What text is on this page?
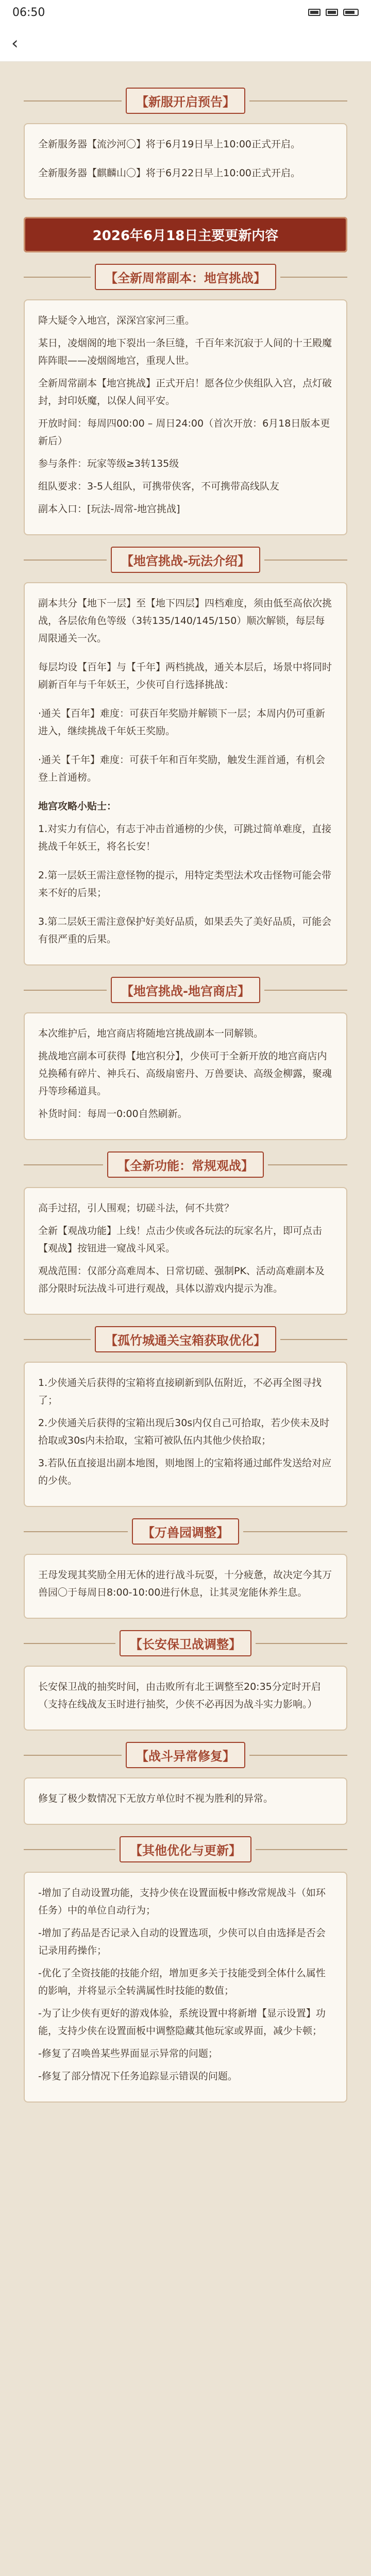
06:50
‹
【新服开启预告】

全新服务器【流沙河〇】将于6月19日早上10:00正式开启。

全新服务器【麒麟山〇】将于6月22日早上10:00正式开启。

2026年6月18日主要更新内容
【全新周常副本：地宫挑战】

降大疑令入地宫，深深宫家河三重。

某日，凌烟阁的地下裂出一条巨缝，千百年来沉寂于人间的十王殿魔阵阵眼——凌烟阁地宫，重现人世。

全新周常副本【地宫挑战】正式开启！愿各位少侠组队入宫，点灯破封，封印妖魔，以保人间平安。

开放时间：每周四00:00 – 周日24:00（首次开放：6月18日版本更新后）

参与条件：玩家等级≥3转135级

组队要求：3-5人组队，可携带侠客，不可携带高线队友

副本入口：[玩法-周常-地宫挑战]

【地宫挑战-玩法介绍】

副本共分【地下一层】至【地下四层】四档难度，须由低至高依次挑战，各层依角色等级（3转135/140/145/150）顺次解锁，每层每周限通关一次。

每层均设【百年】与【千年】两档挑战，通关本层后，场景中将同时刷新百年与千年妖王，少侠可自行选择挑战：

·通关【百年】难度：可获百年奖励并解锁下一层；本周内仍可重新进入，继续挑战千年妖王奖励。

·通关【千年】难度：可获千年和百年奖励，触发生涯首通，有机会登上首通榜。

地宫攻略小贴士：

1.对实力有信心，有志于冲击首通榜的少侠，可跳过简单难度，直接挑战千年妖王，将名长安！

2.第一层妖王需注意怪物的提示，用特定类型法术攻击怪物可能会带来不好的后果；

3.第二层妖王需注意保护好美好品质，如果丢失了美好品质，可能会有很严重的后果。

【地宫挑战-地宫商店】

本次维护后，地宫商店将随地宫挑战副本一同解锁。

挑战地宫副本可获得【地宫积分】，少侠可于全新开放的地宫商店内兑换稀有碎片、神兵石、高级扇密丹、万兽要诀、高级金柳露，聚魂丹等珍稀道具。

补货时间：每周一0:00自然刷新。

【全新功能：常规观战】

高手过招，引人围观；切磋斗法，何不共赏？

全新【观战功能】上线！点击少侠或各玩法的玩家名片，即可点击【观战】按钮进一窥战斗风采。

观战范围：仅部分高难周本、日常切磋、强制PK、活动高难副本及部分限时玩法战斗可进行观战，具体以游戏内提示为准。

【孤竹城通关宝箱获取优化】

1.少侠通关后获得的宝箱将直接刷新到队伍附近，不必再全图寻找了；

2.少侠通关后获得的宝箱出现后30s内仅自己可拾取，若少侠未及时拾取或30s内未拾取，宝箱可被队伍内其他少侠拾取；

3.若队伍直接退出副本地图，则地图上的宝箱将通过邮件发送给对应的少侠。

【万兽园调整】

王母发现其奖励全用无休的进行战斗玩耍，十分疲惫，故决定今其万兽园〇于每周日8:00-10:00进行休息，让其灵宠能休养生息。

【长安保卫战调整】

长安保卫战的抽奖时间，由击败所有北王调整至20:35分定时开启（支持在线战友玉时进行抽奖，少侠不必再因为战斗实力影响。）

【战斗异常修复】

修复了极少数情况下无放方单位时不视为胜利的异常。

【其他优化与更新】

-增加了自动设置功能，支持少侠在设置面板中修改常规战斗（如环任务）中的单位自动行为；

-增加了药品是否记录入自动的设置选项，少侠可以自由选择是否会记录用药操作；

-优化了全资技能的技能介绍，增加更多关于技能受到全体什么属性的影响，并将显示全转满属性时技能的数值；

-为了让少侠有更好的游戏体验，系统设置中将新增【显示设置】功能，支持少侠在设置面板中调整隐藏其他玩家或界面，减少卡顿；

-修复了召唤兽某些界面显示异常的问题；

-修复了部分情况下任务追踪显示错误的问题。
